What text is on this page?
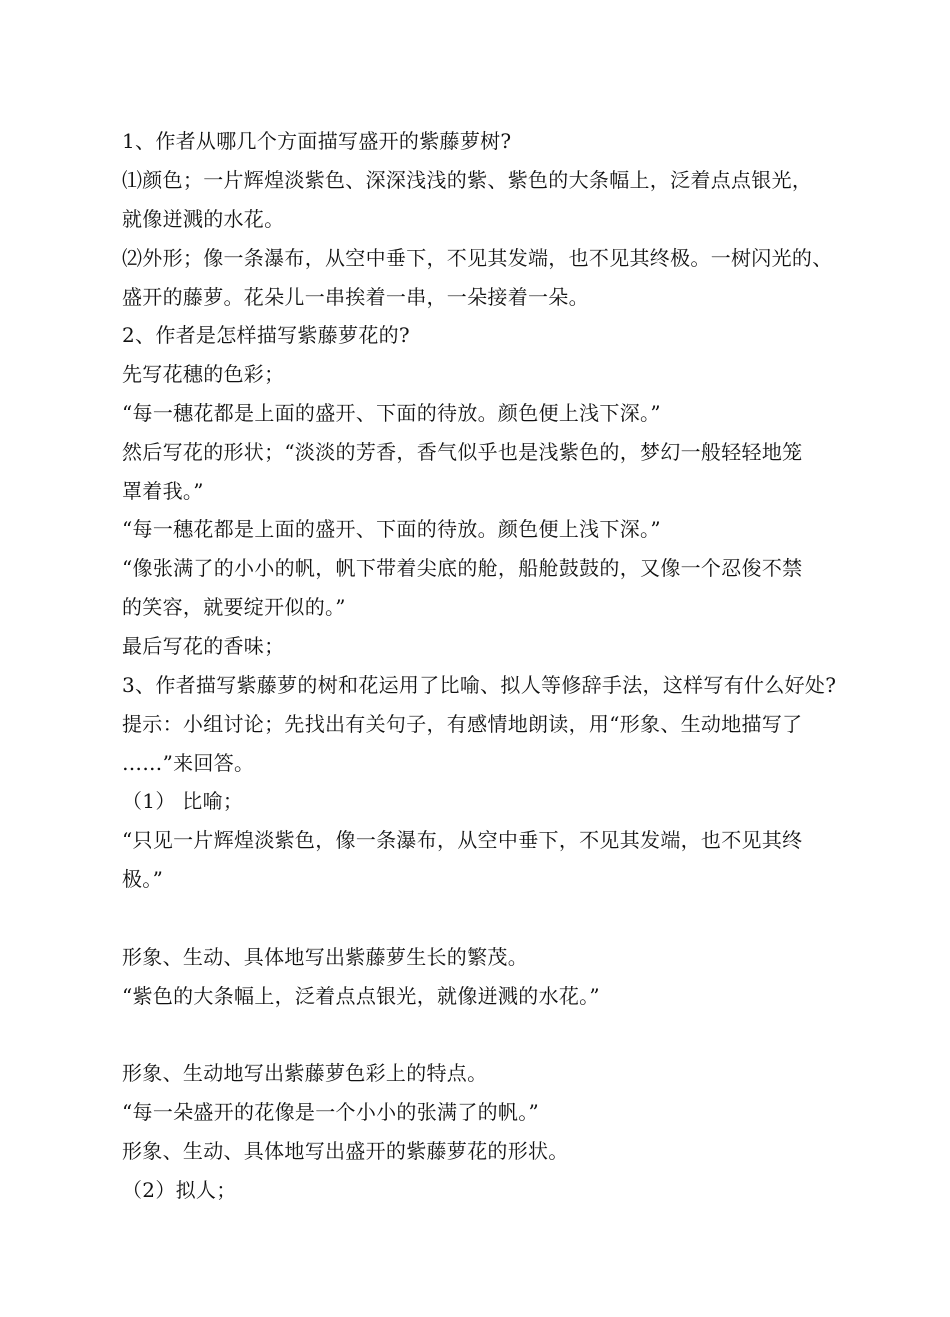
1、作者从哪几个方面描写盛开的紫藤萝树?

⑴颜色；一片辉煌淡紫色、深深浅浅的紫、紫色的大条幅上，泛着点点银光，

就像迸溅的水花。

⑵外形；像一条瀑布，从空中垂下，不见其发端，也不见其终极。一树闪光的、

盛开的藤萝。花朵儿一串挨着一串，一朵接着一朵。

2、作者是怎样描写紫藤萝花的?

先写花穗的色彩；

“每一穗花都是上面的盛开、下面的待放。颜色便上浅下深。”

然后写花的形状；“淡淡的芳香，香气似乎也是浅紫色的，梦幻一般轻轻地笼

罩着我。”

“每一穗花都是上面的盛开、下面的待放。颜色便上浅下深。”

“像张满了的小小的帆，帆下带着尖底的舱，船舱鼓鼓的，又像一个忍俊不禁

的笑容，就要绽开似的。”

最后写花的香味；

3、作者描写紫藤萝的树和花运用了比喻、拟人等修辞手法，这样写有什么好处?

提示：小组讨论；先找出有关句子，有感情地朗读，用“形象、生动地描写了

……”来回答。

（1） 比喻；

“只见一片辉煌淡紫色，像一条瀑布，从空中垂下，不见其发端，也不见其终

极。”

形象、生动、具体地写出紫藤萝生长的繁茂。

“紫色的大条幅上，泛着点点银光，就像迸溅的水花。”

形象、生动地写出紫藤萝色彩上的特点。

“每一朵盛开的花像是一个小小的张满了的帆。”

形象、生动、具体地写出盛开的紫藤萝花的形状。

（2）拟人；
